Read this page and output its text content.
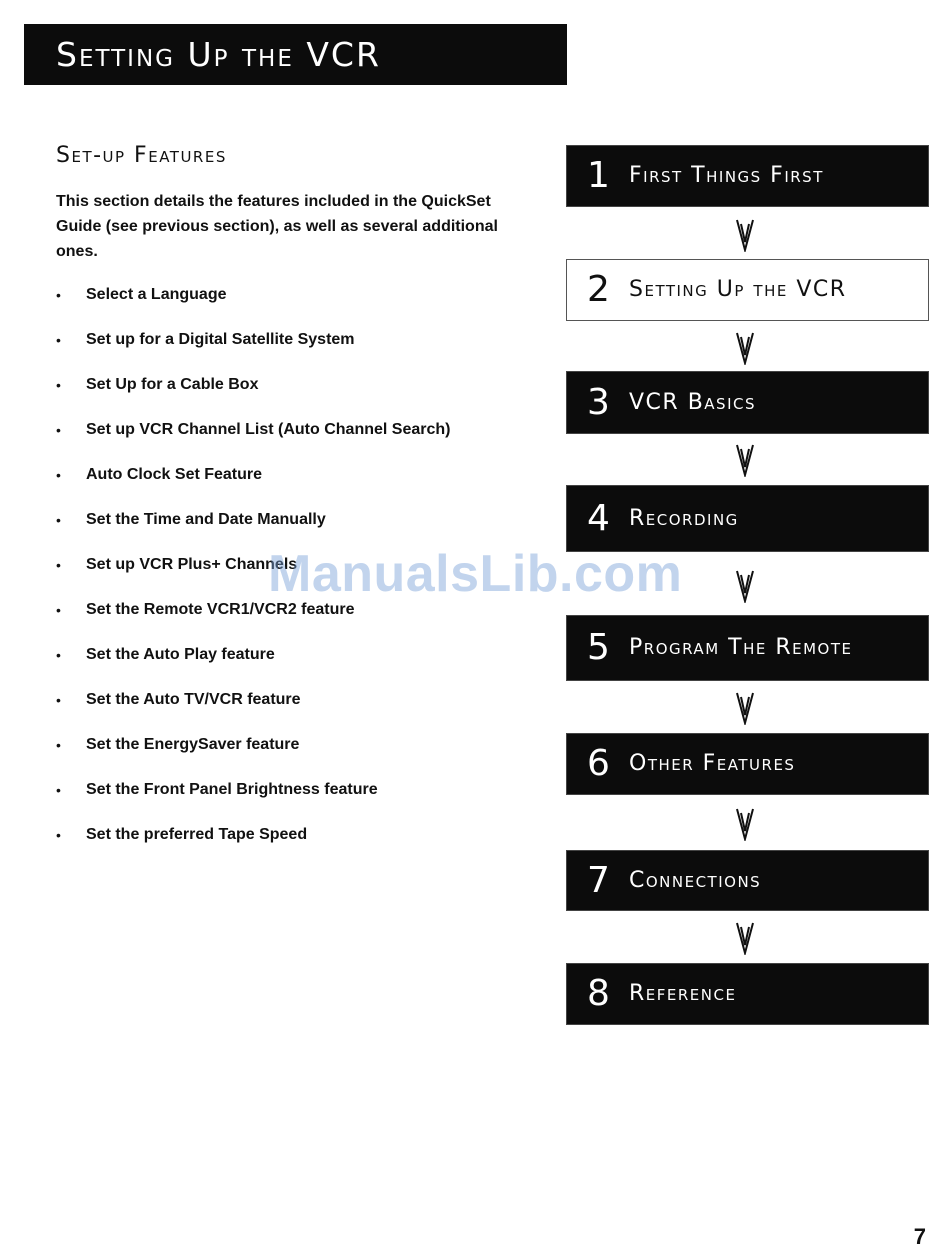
Setting Up the VCR
Set-up Features

This section details the features included in the QuickSet Guide (see previous section), as well as several additional ones.

• Select a Language
• Set up for a Digital Satellite System
• Set Up for a Cable Box
• Set up VCR Channel List (Auto Channel Search)
• Auto Clock Set Feature
• Set the Time and Date Manually
• Set up VCR Plus+ Channels
• Set the Remote VCR1/VCR2 feature
• Set the Auto Play feature
• Set the Auto TV/VCR feature
• Set the EnergySaver feature
• Set the Front Panel Brightness feature
• Set the preferred Tape Speed
1 First Things First
2 Setting Up the VCR
3 VCR Basics
4 Recording
5 Program The Remote
6 Other Features
7 Connections
8 Reference
ManualsLib.com
7
